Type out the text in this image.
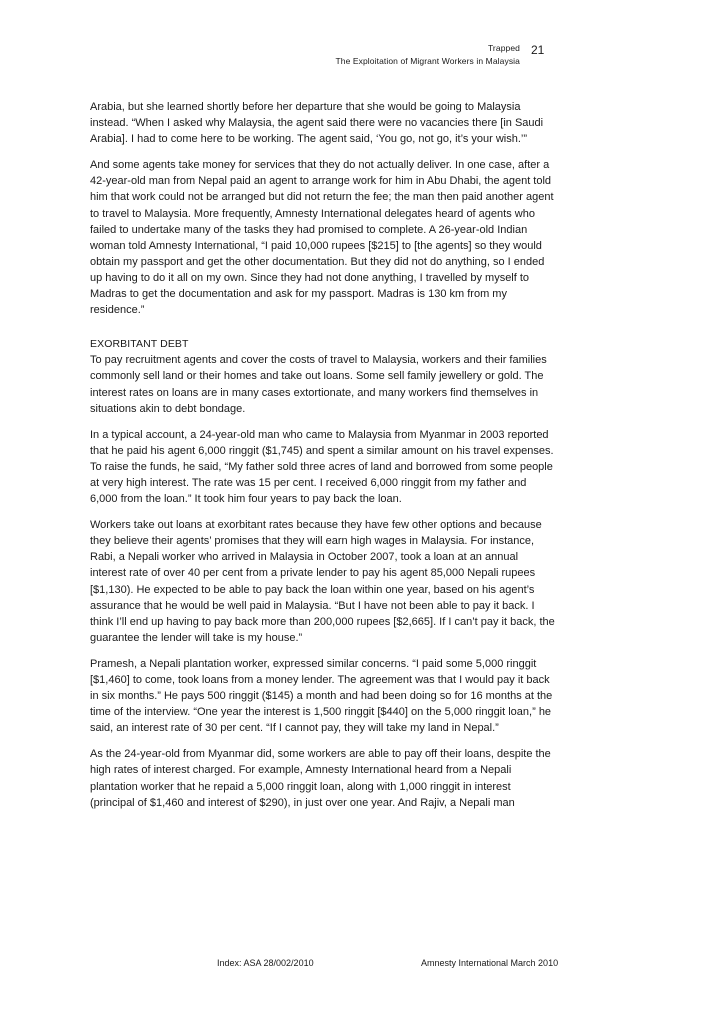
Trapped
The Exploitation of Migrant Workers in Malaysia
21

Arabia, but she learned shortly before her departure that she would be going to Malaysia instead. “When I asked why Malaysia, the agent said there were no vacancies there [in Saudi Arabia]. I had to come here to be working. The agent said, ‘You go, not go, it’s your wish.’”

And some agents take money for services that they do not actually deliver. In one case, after a 42-year-old man from Nepal paid an agent to arrange work for him in Abu Dhabi, the agent told him that work could not be arranged but did not return the fee; the man then paid another agent to travel to Malaysia. More frequently, Amnesty International delegates heard of agents who failed to undertake many of the tasks they had promised to complete. A 26-year-old Indian woman told Amnesty International, “I paid 10,000 rupees [$215] to [the agents] so they would obtain my passport and get the other documentation. But they did not do anything, so I ended up having to do it all on my own. Since they had not done anything, I travelled by myself to Madras to get the documentation and ask for my passport. Madras is 130 km from my residence.”

EXORBITANT DEBT

To pay recruitment agents and cover the costs of travel to Malaysia, workers and their families commonly sell land or their homes and take out loans. Some sell family jewellery or gold. The interest rates on loans are in many cases extortionate, and many workers find themselves in situations akin to debt bondage.

In a typical account, a 24-year-old man who came to Malaysia from Myanmar in 2003 reported that he paid his agent 6,000 ringgit ($1,745) and spent a similar amount on his travel expenses. To raise the funds, he said, “My father sold three acres of land and borrowed from some people at very high interest. The rate was 15 per cent. I received 6,000 ringgit from my father and 6,000 from the loan.” It took him four years to pay back the loan.

Workers take out loans at exorbitant rates because they have few other options and because they believe their agents’ promises that they will earn high wages in Malaysia. For instance, Rabi, a Nepali worker who arrived in Malaysia in October 2007, took a loan at an annual interest rate of over 40 per cent from a private lender to pay his agent 85,000 Nepali rupees [$1,130). He expected to be able to pay back the loan within one year, based on his agent’s assurance that he would be well paid in Malaysia. “But I have not been able to pay it back. I think I’ll end up having to pay back more than 200,000 rupees [$2,665]. If I can’t pay it back, the guarantee the lender will take is my house.”

Pramesh, a Nepali plantation worker, expressed similar concerns. “I paid some 5,000 ringgit [$1,460] to come, took loans from a money lender. The agreement was that I would pay it back in six months.” He pays 500 ringgit ($145) a month and had been doing so for 16 months at the time of the interview. “One year the interest is 1,500 ringgit [$440] on the 5,000 ringgit loan,” he said, an interest rate of 30 per cent. “If I cannot pay, they will take my land in Nepal.”

As the 24-year-old from Myanmar did, some workers are able to pay off their loans, despite the high rates of interest charged. For example, Amnesty International heard from a Nepali plantation worker that he repaid a 5,000 ringgit loan, along with 1,000 ringgit in interest (principal of $1,460 and interest of $290), in just over one year. And Rajiv, a Nepali man

Index: ASA 28/002/2010	Amnesty International March 2010
